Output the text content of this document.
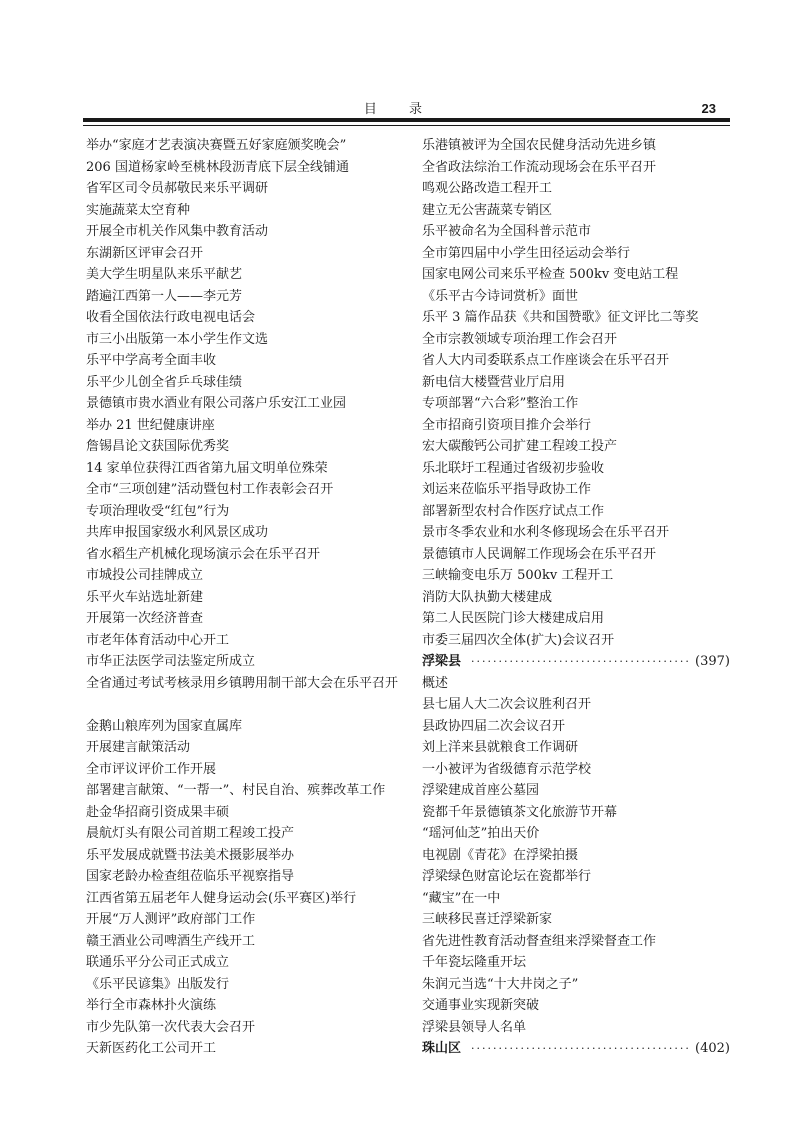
目 录	23
举办“家庭才艺表演决赛暨五好家庭颁奖晚会”
206 国道杨家岭至桃林段沥青底下层全线铺通
省军区司令员郝敬民来乐平调研
实施蔬菜太空育种
开展全市机关作风集中教育活动
东湖新区评审会召开
美大学生明星队来乐平献艺
踏遍江西第一人——李元芳
收看全国依法行政电视电话会
市三小出版第一本小学生作文选
乐平中学高考全面丰收
乐平少儿创全省乒乓球佳绩
景德镇市贵水酒业有限公司落户乐安江工业园
举办 21 世纪健康讲座
詹锡昌论文获国际优秀奖
14 家单位获得江西省第九届文明单位殊荣
全市“三项创建”活动暨包村工作表彰会召开
专项治理收受“红包”行为
共库申报国家级水利风景区成功
省水稻生产机械化现场演示会在乐平召开
市城投公司挂牌成立
乐平火车站选址新建
开展第一次经济普查
市老年体育活动中心开工
市华正法医学司法鉴定所成立
全省通过考试考核录用乡镇聘用制干部大会在乐平召开
金鹅山粮库列为国家直属库
开展建言献策活动
全市评议评价工作开展
部署建言献策、“一帮一”、村民自治、殡葬改革工作
赴金华招商引资成果丰硕
晨航灯头有限公司首期工程竣工投产
乐平发展成就暨书法美术摄影展举办
国家老龄办检查组莅临乐平视察指导
江西省第五届老年人健身运动会(乐平赛区)举行
开展“万人测评”政府部门工作
赣王酒业公司啤酒生产线开工
联通乐平分公司正式成立
《乐平民谚集》出版发行
举行全市森林扑火演练
市少先队第一次代表大会召开
天新医药化工公司开工
乐港镇被评为全国农民健身活动先进乡镇
全省政法综治工作流动现场会在乐平召开
鸣观公路改造工程开工
建立无公害蔬菜专销区
乐平被命名为全国科普示范市
全市第四届中小学生田径运动会举行
国家电网公司来乐平检查 500kv 变电站工程
《乐平古今诗词赏析》面世
乐平 3 篇作品获《共和国赞歌》征文评比二等奖
全市宗教领域专项治理工作会召开
省人大内司委联系点工作座谈会在乐平召开
新电信大楼暨营业厅启用
专项部署“六合彩”整治工作
全市招商引资项目推介会举行
宏大碳酸钙公司扩建工程竣工投产
乐北联圩工程通过省级初步验收
刘运来莅临乐平指导政协工作
部署新型农村合作医疗试点工作
景市冬季农业和水利冬修现场会在乐平召开
景德镇市人民调解工作现场会在乐平召开
三峡输变电乐万 500kv 工程开工
消防大队执勤大楼建成
第二人民医院门诊大楼建成启用
市委三届四次全体(扩大)会议召开
浮梁县 ·····	(397)
概述
县七届人大二次会议胜利召开
县政协四届二次会议召开
刘上洋来县就粮食工作调研
一小被评为省级德育示范学校
浮梁建成首座公墓园
瓷都千年景德镇茶文化旅游节开幕
“瑶河仙芝”拍出天价
电视剧《青花》在浮梁拍摄
浮梁绿色财富论坛在瓷都举行
“藏宝”在一中
三峡移民喜迁浮梁新家
省先进性教育活动督查组来浮梁督查工作
千年瓷坛隆重开坛
朱润元当选“十大井岗之子”
交通事业实现新突破
浮梁县领导人名单
珠山区 ·····	(402)
